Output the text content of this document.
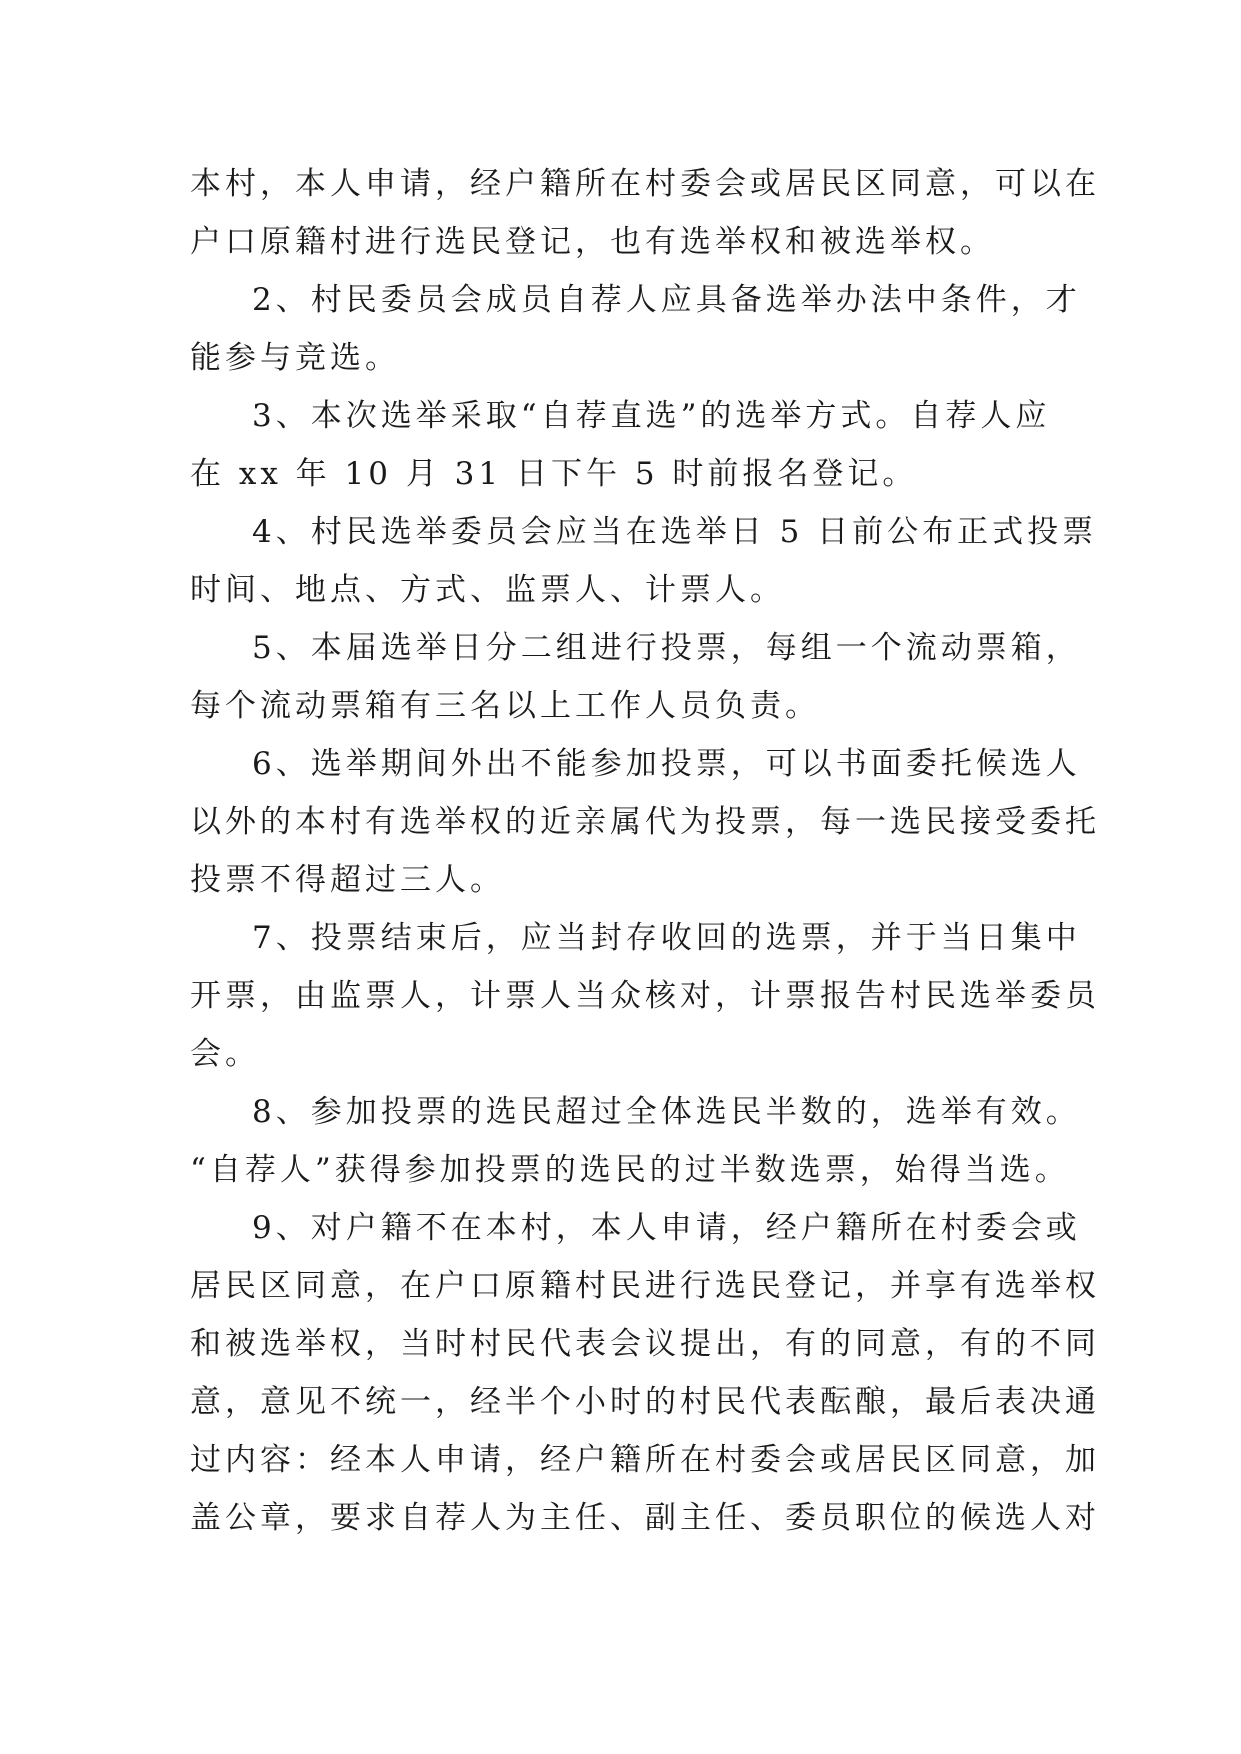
本村，本人申请，经户籍所在村委会或居民区同意，可以在
户口原籍村进行选民登记，也有选举权和被选举权。
2、村民委员会成员自荐人应具备选举办法中条件，才
能参与竞选。
3、本次选举采取“自荐直选”的选举方式。自荐人应
在 xx 年 10 月 31 日下午 5 时前报名登记。
4、村民选举委员会应当在选举日 5 日前公布正式投票
时间、地点、方式、监票人、计票人。
5、本届选举日分二组进行投票，每组一个流动票箱，
每个流动票箱有三名以上工作人员负责。
6、选举期间外出不能参加投票，可以书面委托候选人
以外的本村有选举权的近亲属代为投票，每一选民接受委托
投票不得超过三人。
7、投票结束后，应当封存收回的选票，并于当日集中
开票，由监票人，计票人当众核对，计票报告村民选举委员
会。
8、参加投票的选民超过全体选民半数的，选举有效。
“自荐人”获得参加投票的选民的过半数选票，始得当选。
9、对户籍不在本村，本人申请，经户籍所在村委会或
居民区同意，在户口原籍村民进行选民登记，并享有选举权
和被选举权，当时村民代表会议提出，有的同意，有的不同
意，意见不统一，经半个小时的村民代表酝酿，最后表决通
过内容：经本人申请，经户籍所在村委会或居民区同意，加
盖公章，要求自荐人为主任、副主任、委员职位的候选人对
